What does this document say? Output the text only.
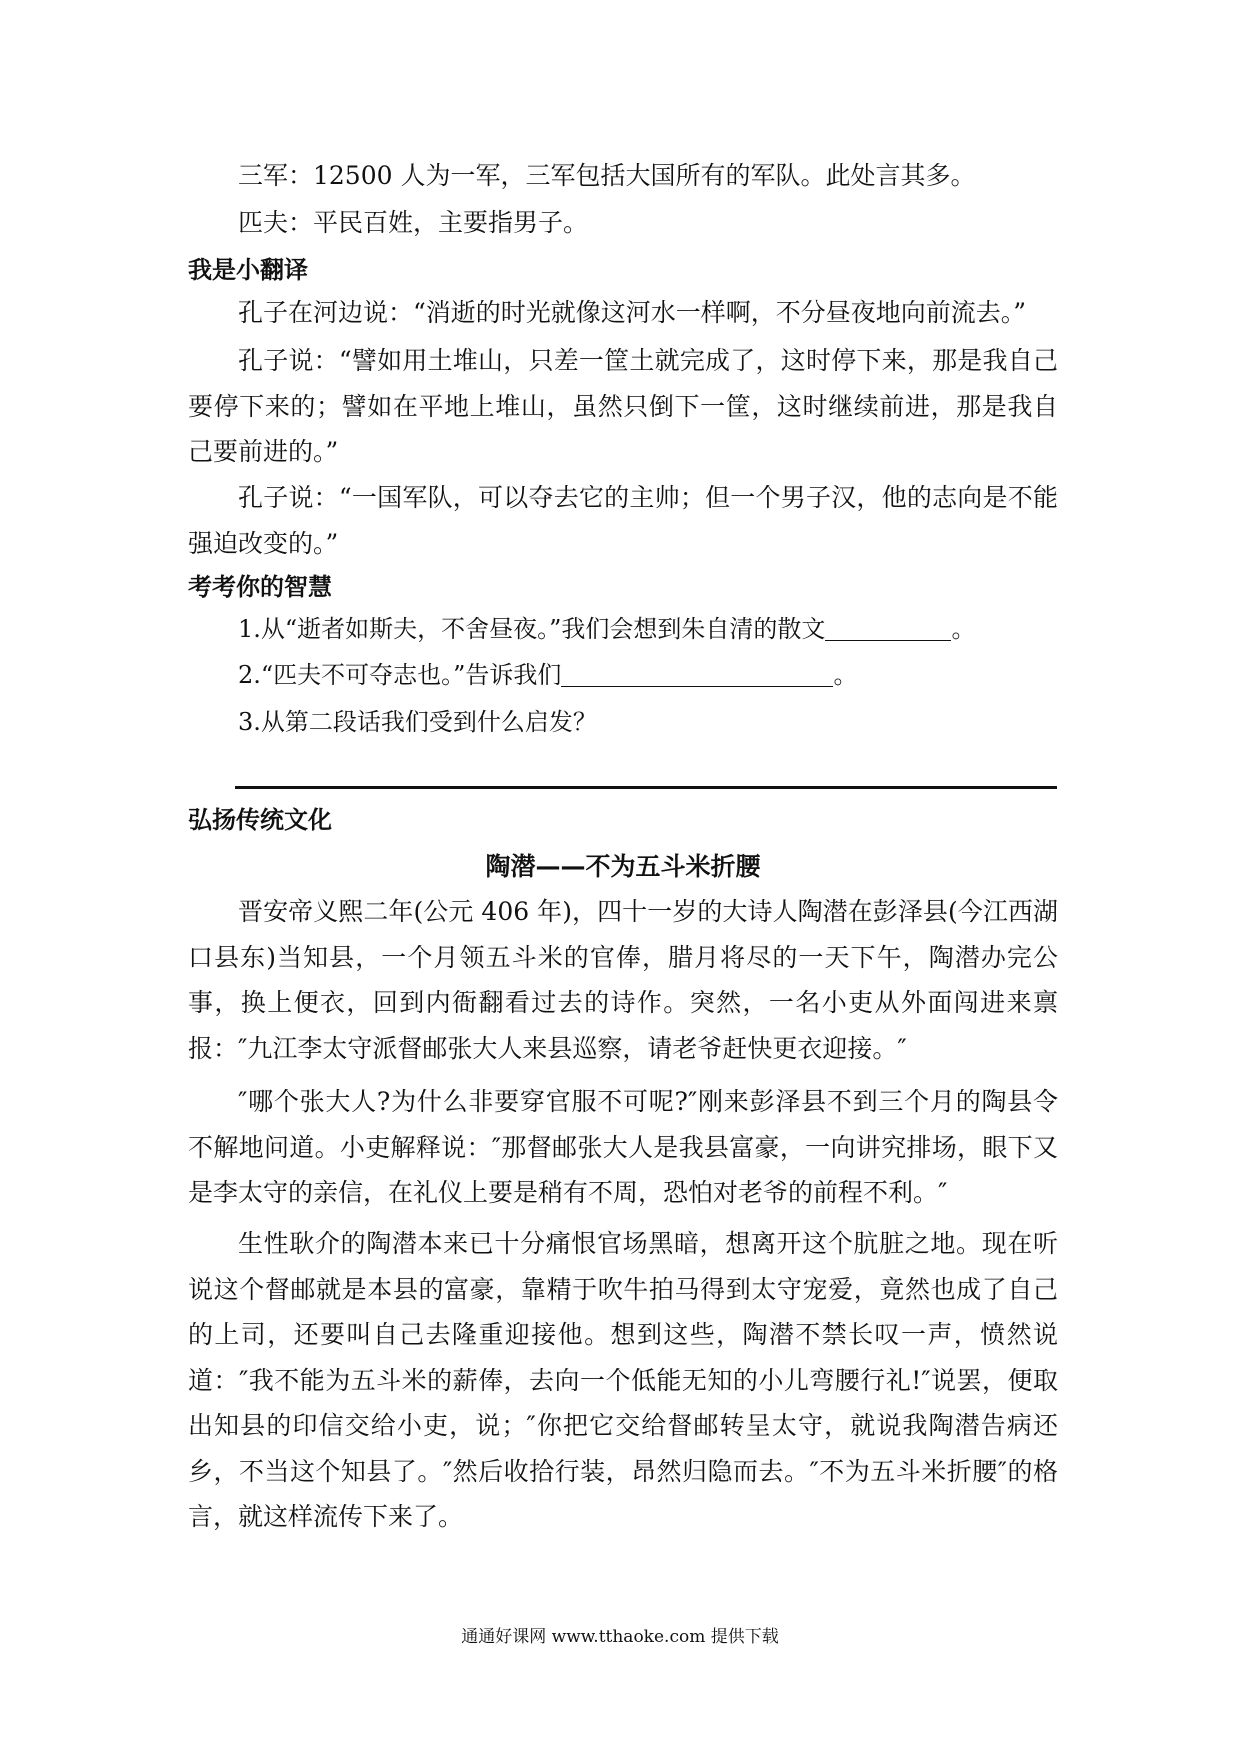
三军：12500 人为一军，三军包括大国所有的军队。此处言其多。
匹夫：平民百姓，主要指男子。
我是小翻译
孔子在河边说：“消逝的时光就像这河水一样啊，不分昼夜地向前流去。”
孔子说：“譬如用土堆山，只差一筐土就完成了，这时停下来，那是我自己要停下来的；譬如在平地上堆山，虽然只倒下一筐，这时继续前进，那是我自己要前进的。”
孔子说：“一国军队，可以夺去它的主帅；但一个男子汉，他的志向是不能强迫改变的。”
考考你的智慧
1.从“逝者如斯夫，不舍昼夜。”我们会想到朱自清的散文	。
2.“匹夫不可夺志也。”告诉我们	。
3.从第二段话我们受到什么启发？
弘扬传统文化
陶潜——不为五斗米折腰
晋安帝义熙二年(公元 406 年)，四十一岁的大诗人陶潜在彭泽县(今江西湖口县东)当知县，一个月领五斗米的官俸，腊月将尽的一天下午，陶潜办完公事，换上便衣，回到内衙翻看过去的诗作。突然，一名小吏从外面闯进来禀报：″九江李太守派督邮张大人来县巡察，请老爷赶快更衣迎接。″
″哪个张大人?为什么非要穿官服不可呢?″刚来彭泽县不到三个月的陶县令不解地问道。小吏解释说：″那督邮张大人是我县富豪，一向讲究排场，眼下又是李太守的亲信，在礼仪上要是稍有不周，恐怕对老爷的前程不利。″
生性耿介的陶潜本来已十分痛恨官场黑暗，想离开这个肮脏之地。现在听说这个督邮就是本县的富豪，靠精于吹牛拍马得到太守宠爱，竟然也成了自己的上司，还要叫自己去隆重迎接他。想到这些，陶潜不禁长叹一声，愤然说道：″我不能为五斗米的薪俸，去向一个低能无知的小儿弯腰行礼!″说罢，便取出知县的印信交给小吏，说；″你把它交给督邮转呈太守，就说我陶潜告病还乡，不当这个知县了。″然后收拾行装，昂然归隐而去。″不为五斗米折腰″的格言，就这样流传下来了。
通通好课网 www.tthaoke.com 提供下载
